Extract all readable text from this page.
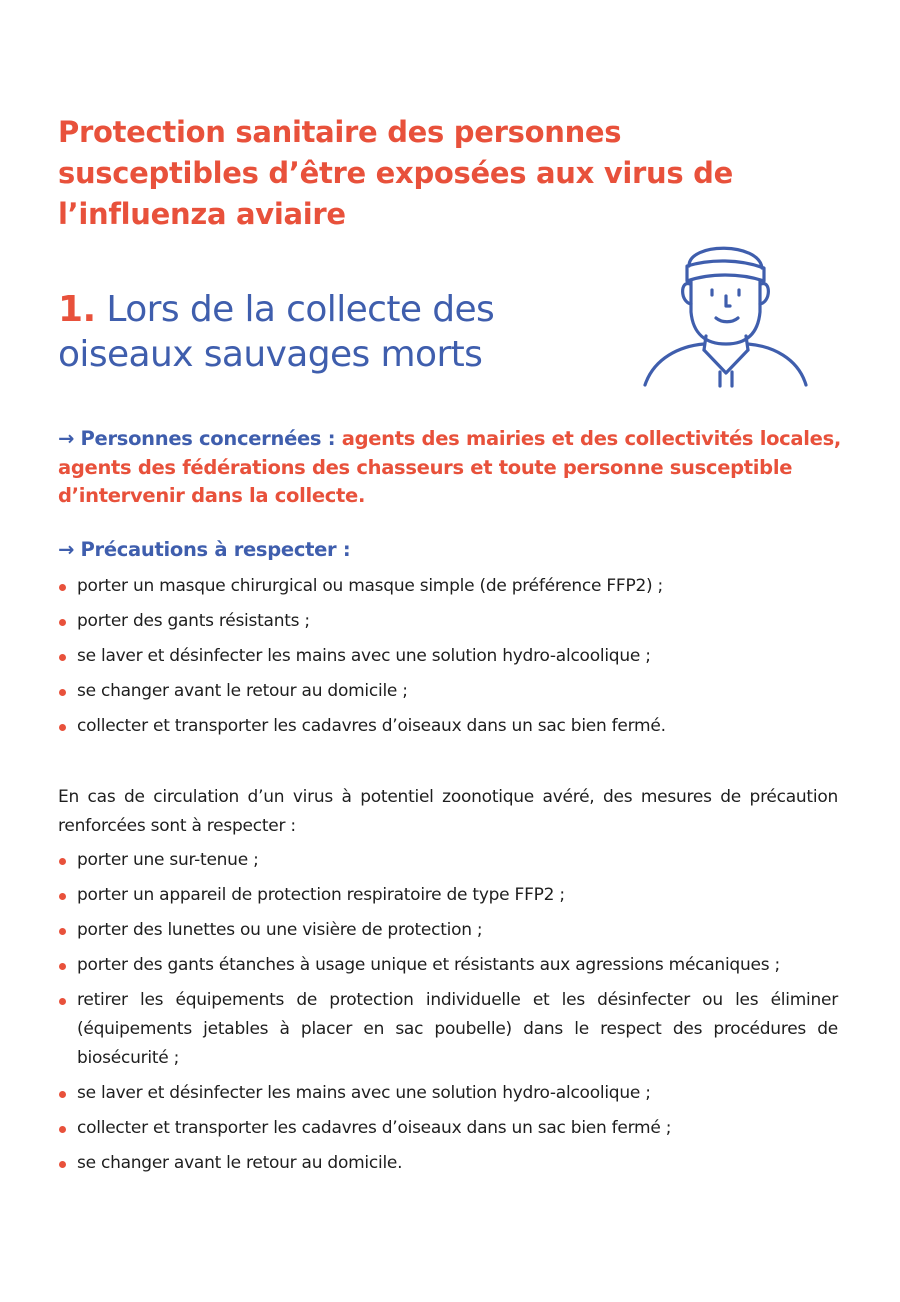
Protection sanitaire des personnes susceptibles d’être exposées aux virus de l’influenza aviaire
1. Lors de la collecte des oiseaux sauvages morts

→ Personnes concernées : agents des mairies et des collectivités locales, agents des fédérations des chasseurs et toute personne susceptible d’intervenir dans la collecte.

→ Précautions à respecter :
porter un masque chirurgical ou masque simple (de préférence FFP2) ;
porter des gants résistants ;
se laver et désinfecter les mains avec une solution hydro-alcoolique ;
se changer avant le retour au domicile ;
collecter et transporter les cadavres d’oiseaux dans un sac bien fermé.

En cas de circulation d’un virus à potentiel zoonotique avéré, des mesures de précaution renforcées sont à respecter :

porter une sur-tenue ;
porter un appareil de protection respiratoire de type FFP2 ;
porter des lunettes ou une visière de protection ;
porter des gants étanches à usage unique et résistants aux agressions mécaniques ;
retirer les équipements de protection individuelle et les désinfecter ou les éliminer (équipements jetables à placer en sac poubelle) dans le respect des procédures de biosécurité ;
se laver et désinfecter les mains avec une solution hydro-alcoolique ;
collecter et transporter les cadavres d’oiseaux dans un sac bien fermé ;
se changer avant le retour au domicile.
